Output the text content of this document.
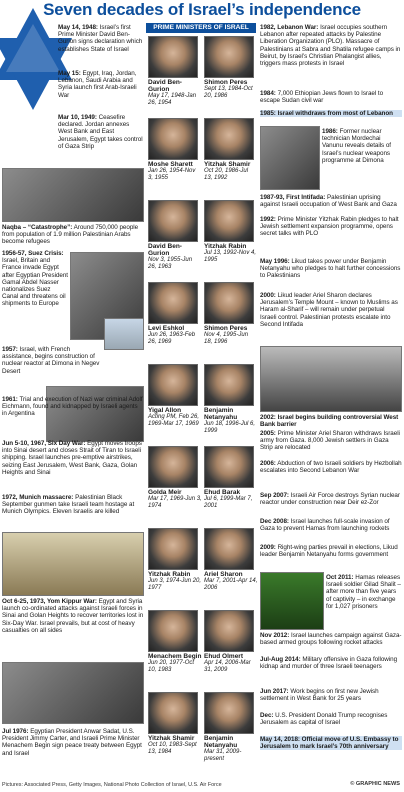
Seven decades of Israel’s independence
May 14, 1948: Israel’s first Prime Minister David Ben-Gurion signs declaration which establishes State of Israel
May 15: Egypt, Iraq, Jordan, Lebanon, Saudi Arabia and Syria launch first Arab-Israeli War
Mar 10, 1949: Ceasefire declared. Jordan annexes West Bank and East Jerusalem, Egypt takes control of Gaza Strip
Naqba – “Catastrophe”: Around 750,000 people from population of 1.9 million Palestinian Arabs become refugees
1956-57, Suez Crisis: Israel, Britain and France invade Egypt after Egyptian President Gamal Abdel Nasser nationalizes Suez Canal and threatens oil shipments to Europe
1957: Israel, with French assistance, begins construction of nuclear reactor at Dimona in Negev Desert
1961: Trial and execution of Nazi war criminal Adolf Eichmann, found and kidnapped by Israeli agents in Argentina
Jun 5-10, 1967, Six Day War: Egypt moves troops into Sinai desert and closes Strait of Tiran to Israeli shipping. Israel launches pre-emptive airstrikes, seizing East Jerusalem, West Bank, Gaza, Golan Heights and Sinai
1972, Munich massacre: Palestinian Black September gunmen take Israeli team hostage at Munich Olympics. Eleven Israelis are killed
Oct 6-25, 1973, Yom Kippur War: Egypt and Syria launch co-ordinated attacks against Israeli forces in Sinai and Golan Heights to recover territories lost in Six-Day War. Israel prevails, but at cost of heavy casualties on all sides
Jul 1976: Egyptian President Anwar Sadat, U.S. President Jimmy Carter, and Israeli Prime Minister Menachem Begin sign peace treaty between Egypt and Israel
PRIME MINISTERS OF ISRAEL
David Ben-Gurion
May 17, 1948-Jan 26, 1954
Shimon Peres
Sept 13, 1984-Oct 20, 1986
Moshe Sharett
Jan 26, 1954-Nov 3, 1955
Yitzhak Shamir
Oct 20, 1986-Jul 13, 1992
David Ben-Gurion
Nov 3, 1955-Jun 26, 1963
Yitzhak Rabin
Jul 13, 1992-Nov 4, 1995
Levi Eshkol
Jun 26, 1963-Feb 26, 1969
Shimon Peres
Nov 4, 1995-Jun 18, 1996
Yigal Allon
Acting PM, Feb 26, 1969-Mar 17, 1969
Benjamin Netanyahu
Jun 18, 1996-Jul 6, 1999
Golda Meir
Mar 17, 1969-Jun 3, 1974
Ehud Barak
Jul 6, 1999-Mar 7, 2001
Yitzhak Rabin
Jun 3, 1974-Jun 20, 1977
Ariel Sharon
Mar 7, 2001-Apr 14, 2006
Menachem Begin
Jun 20, 1977-Oct 10, 1983
Ehud Olmert
Apr 14, 2006-Mar 31, 2009
Yitzhak Shamir
Oct 10, 1983-Sept 13, 1984
Benjamin Netanyahu
Mar 31, 2009-present
1982, Lebanon War: Israel occupies southern Lebanon after repeated attacks by Palestine Liberation Organization (PLO). Massacre of Palestinians at Sabra and Shatila refugee camps in Beirut, by Israel’s Christian Phalangist allies, triggers mass protests in Israel
1984: 7,000 Ethiopian Jews flown to Israel to escape Sudan civil war
1985: Israel withdraws from most of Lebanon
1986: Former nuclear technician Mordechai Vanunu reveals details of Israel’s nuclear weapons programme at Dimona
1987-93, First Intifada: Palestinian uprising against Israeli occupation of West Bank and Gaza
1992: Prime Minister Yitzhak Rabin pledges to halt Jewish settlement expansion programme, opens secret talks with PLO
May 1996: Likud takes power under Benjamin Netanyahu who pledges to halt further concessions to Palestinians
2000: Likud leader Ariel Sharon declares Jerusalem’s Temple Mount – known to Muslims as Haram al-Sharif – will remain under perpetual Israeli control. Palestinian protests escalate into Second Intifada
2002: Israel begins building controversial West Bank barrier
2005: Prime Minister Ariel Sharon withdraws Israeli army from Gaza. 8,000 Jewish settlers in Gaza Strip are relocated
2006: Abduction of two Israeli soldiers by Hezbollah escalates into Second Lebanon War
Sep 2007: Israeli Air Force destroys Syrian nuclear reactor under construction near Deir ez-Zor
Dec 2008: Israel launches full-scale invasion of Gaza to prevent Hamas from launching rockets
2009: Right-wing parties prevail in elections, Likud leader Benjamin Netanyahu forms government
Oct 2011: Hamas releases Israeli soldier Gilad Shalit – after more than five years of captivity – in exchange for 1,027 prisoners
Nov 2012: Israel launches campaign against Gaza-based armed groups following rocket attacks
Jul-Aug 2014: Military offensive in Gaza following kidnap and murder of three Israeli teenagers
Jun 2017: Work begins on first new Jewish settlement in West Bank for 25 years
Dec: U.S. President Donald Trump recognises Jerusalem as capital of Israel
May 14, 2018: Official move of U.S. Embassy to Jerusalem to mark Israel’s 70th anniversary
Pictures: Associated Press, Getty Images, National Photo Collection of Israel, U.S. Air Force	© GRAPHIC NEWS
